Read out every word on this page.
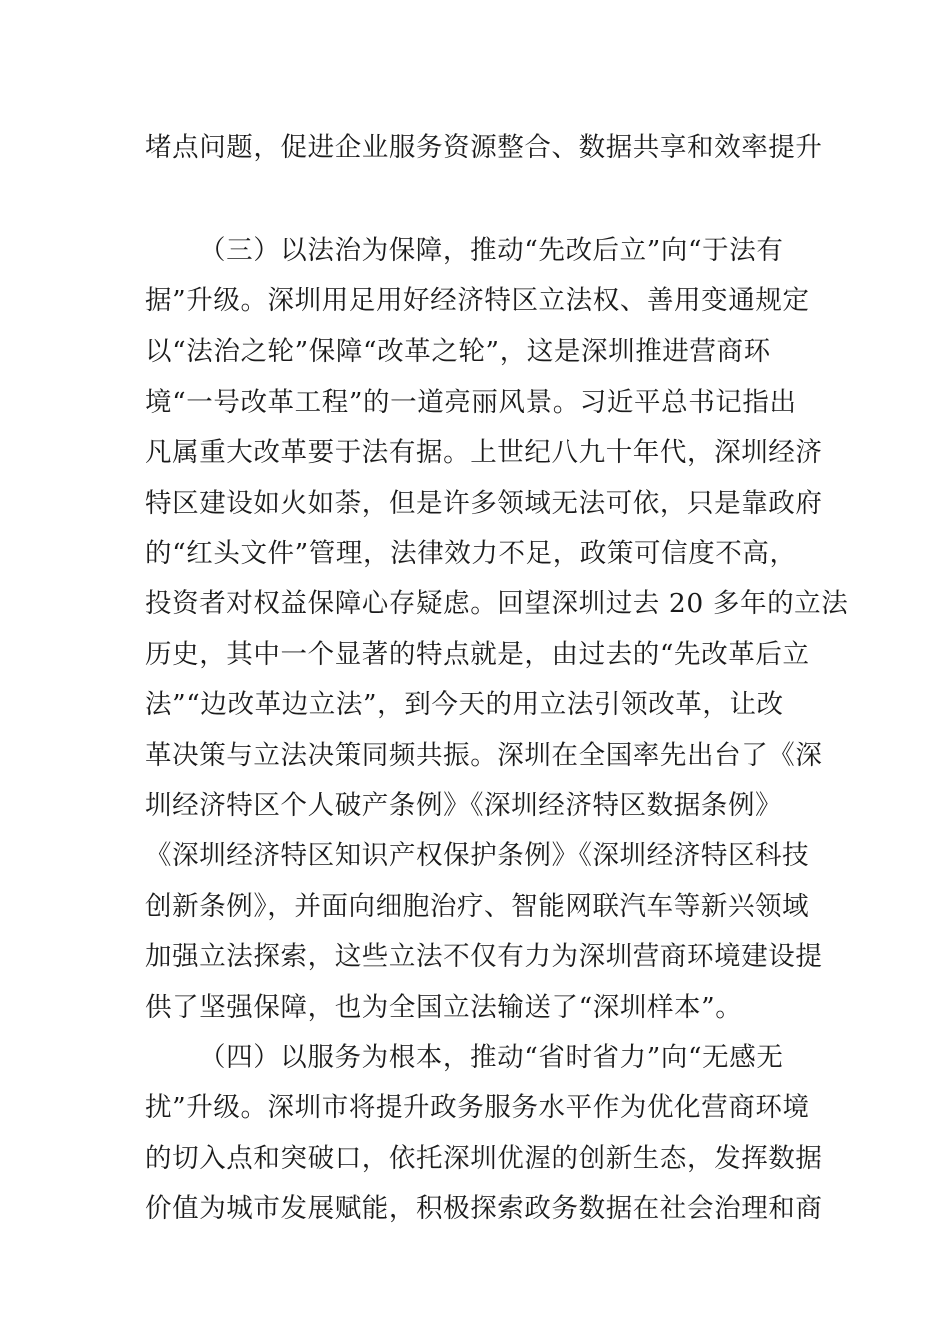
堵点问题，促进企业服务资源整合、数据共享和效率提升
（三）以法治为保障，推动“先改后立”向“于法有
据”升级。深圳用足用好经济特区立法权、善用变通规定
以“法治之轮”保障“改革之轮”，这是深圳推进营商环
境“一号改革工程”的一道亮丽风景。习近平总书记指出
凡属重大改革要于法有据。上世纪八九十年代，深圳经济
特区建设如火如荼，但是许多领域无法可依，只是靠政府
的“红头文件”管理，法律效力不足，政策可信度不高，
投资者对权益保障心存疑虑。回望深圳过去 20 多年的立法
历史，其中一个显著的特点就是，由过去的“先改革后立
法”“边改革边立法”，到今天的用立法引领改革，让改
革决策与立法决策同频共振。深圳在全国率先出台了《深
圳经济特区个人破产条例》《深圳经济特区数据条例》
《深圳经济特区知识产权保护条例》《深圳经济特区科技
创新条例》，并面向细胞治疗、智能网联汽车等新兴领域
加强立法探索，这些立法不仅有力为深圳营商环境建设提
供了坚强保障，也为全国立法输送了“深圳样本”。
（四）以服务为根本，推动“省时省力”向“无感无
扰”升级。深圳市将提升政务服务水平作为优化营商环境
的切入点和突破口，依托深圳优渥的创新生态，发挥数据
价值为城市发展赋能，积极探索政务数据在社会治理和商
